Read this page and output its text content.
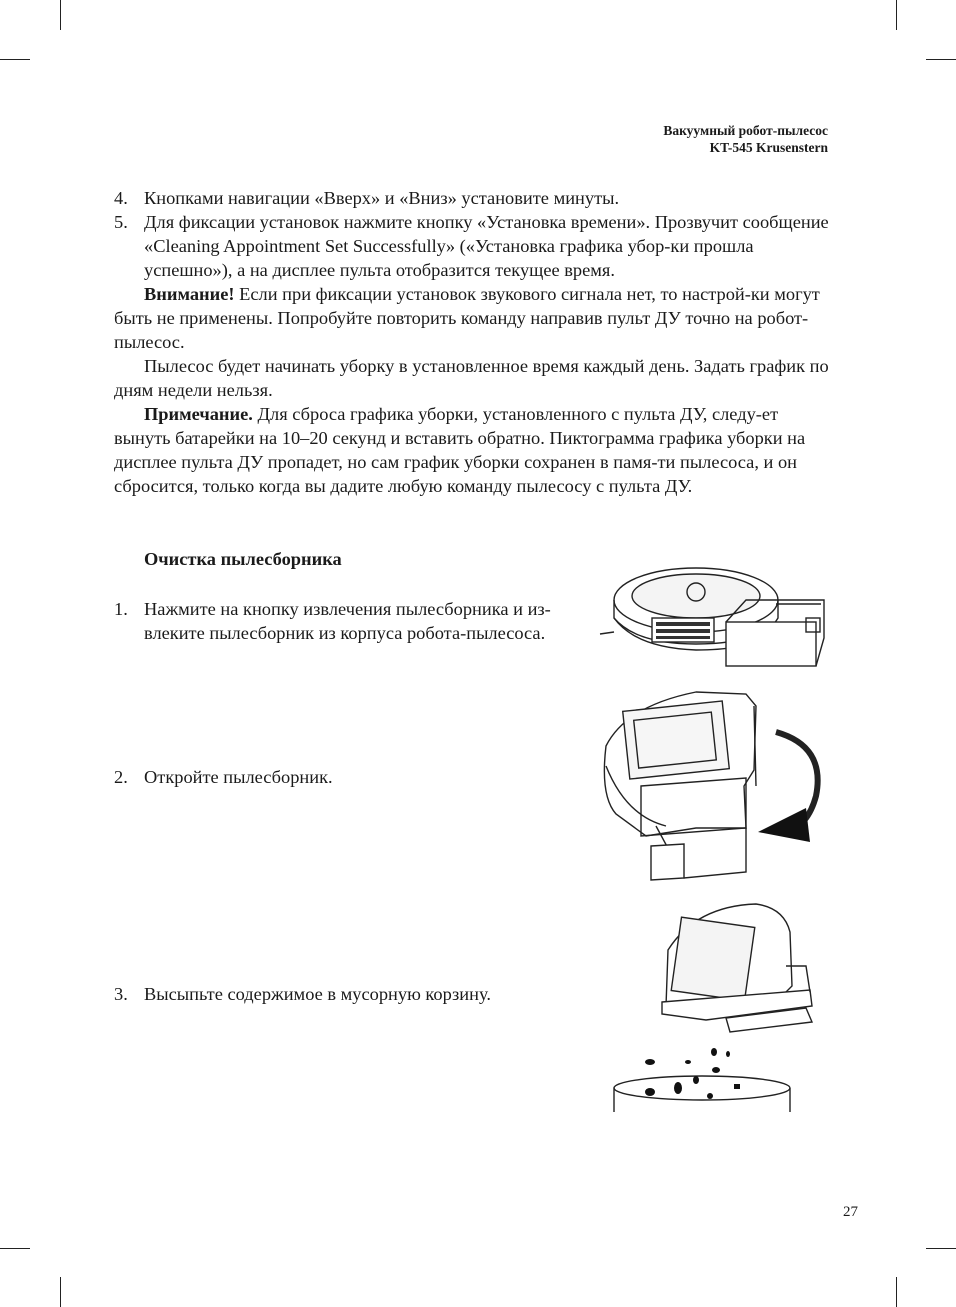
Вакуумный робот-пылесос
KT-545 Krusenstern
4. Кнопками навигации «Вверх» и «Вниз» установите минуты.
5. Для фиксации установок нажмите кнопку «Установка времени». Прозвучит сообщение «Cleaning Appointment Set Successfully» («Установка графика убор-ки прошла успешно»), а на дисплее пульта отобразится текущее время.
Внимание! Если при фиксации установок звукового сигнала нет, то настрой-ки могут быть не применены. Попробуйте повторить команду направив пульт ДУ точно на робот-пылесос.
Пылесос будет начинать уборку в установленное время каждый день. Задать график по дням недели нельзя.
Примечание. Для сброса графика уборки, установленного с пульта ДУ, следу-ет вынуть батарейки на 10–20 секунд и вставить обратно. Пиктограмма графика уборки на дисплее пульта ДУ пропадет, но сам график уборки сохранен в памя-ти пылесоса, и он сбросится, только когда вы дадите любую команду пылесосу с пульта ДУ.
Очистка пылесборника
1. Нажмите на кнопку извлечения пылесборника и из-
влеките пылесборник из корпуса робота-пылесоса.
2. Откройте пылесборник.
3. Высыпьте содержимое в мусорную корзину.
27
